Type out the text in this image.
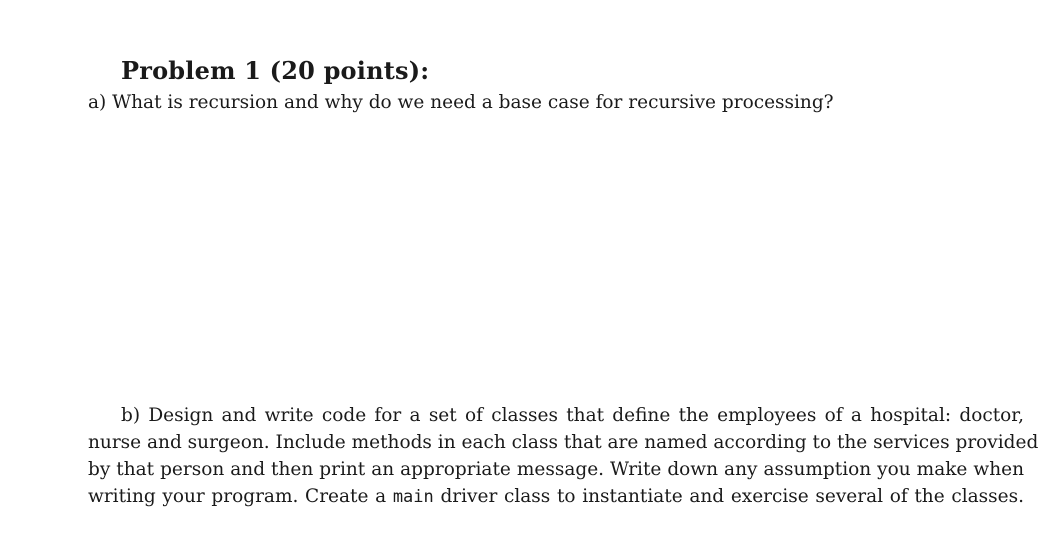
Problem 1 (20 points):

a) What is recursion and why do we need a base case for recursive processing?

b) Design and write code for a set of classes that define the employees of a hospital: doctor,
nurse and surgeon. Include methods in each class that are named according to the services provided
by that person and then print an appropriate message. Write down any assumption you make when
writing your program. Create a main driver class to instantiate and exercise several of the classes.
